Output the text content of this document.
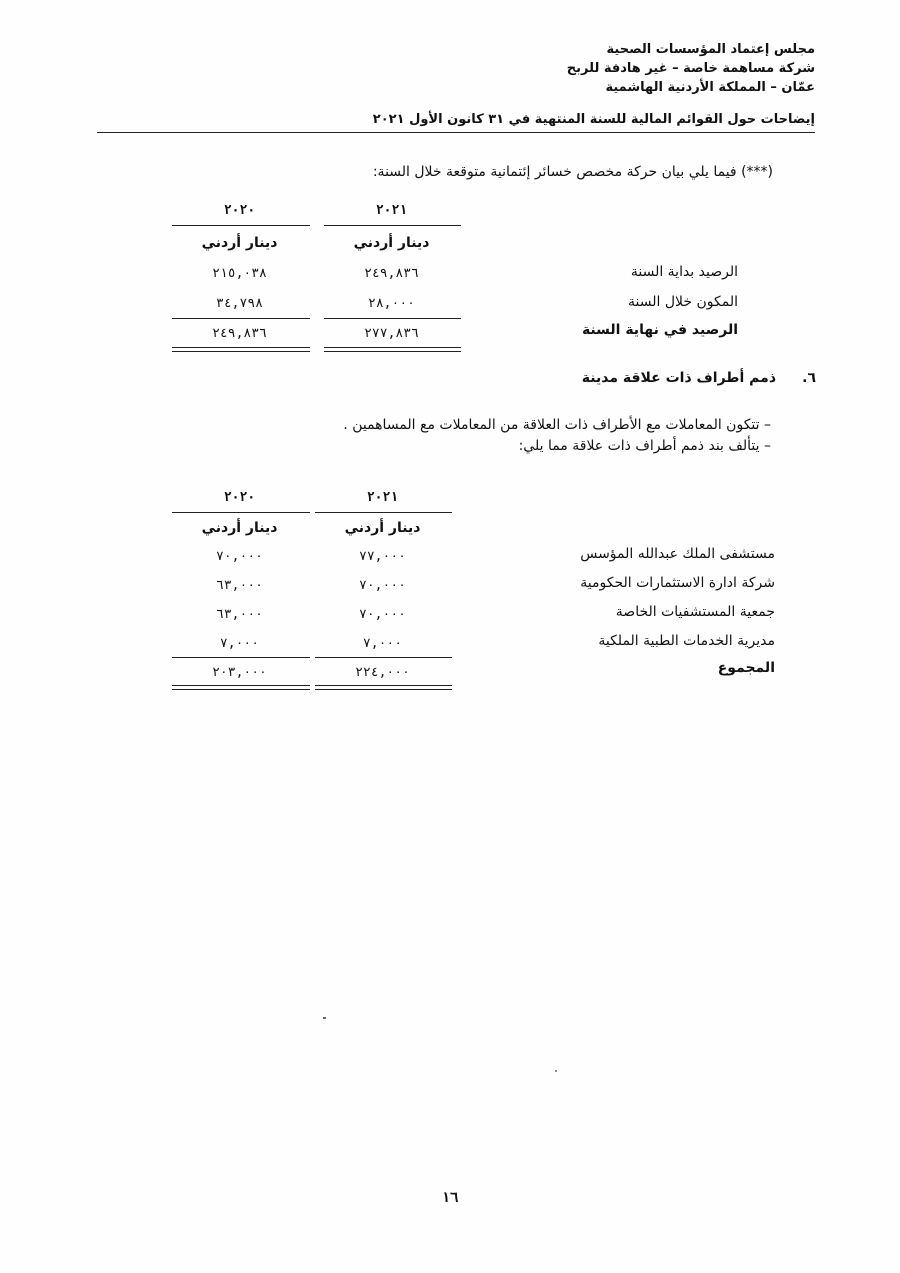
مجلس إعتماد المؤسسات الصحية
شركة مساهمة خاصة – غير هادفة للربح
عمّان – المملكة الأردنية الهاشمية
إيضاحات حول القوائم المالية للسنة المنتهية في ٣١ كانون الأول ٢٠٢١
(***) فيما يلي بيان حركة مخصص خسائر إئتمانية متوقعة خلال السنة:
٢٠٢١
٢٠٢٠
دينار أردني
دينار أردني
الرصيد بداية السنة
٢٤٩,٨٣٦
٢١٥,٠٣٨
المكون خلال السنة
٢٨,٠٠٠
٣٤,٧٩٨
الرصيد في نهاية السنة
٢٧٧,٨٣٦
٢٤٩,٨٣٦
٦.
ذمم أطراف ذات علاقة مدينة
– تتكون المعاملات مع الأطراف ذات العلاقة من المعاملات مع المساهمين .
– يتألف بند ذمم أطراف ذات علاقة مما يلي:
٢٠٢١
٢٠٢٠
دينار أردني
دينار أردني
مستشفى الملك عبدالله المؤسس
٧٧,٠٠٠
٧٠,٠٠٠
شركة ادارة الاستثمارات الحكومية
٧٠,٠٠٠
٦٣,٠٠٠
جمعية المستشفيات الخاصة
٧٠,٠٠٠
٦٣,٠٠٠
مديرية الخدمات الطبية الملكية
٧,٠٠٠
٧,٠٠٠
المجموع
٢٢٤,٠٠٠
٢٠٣,٠٠٠
١٦
